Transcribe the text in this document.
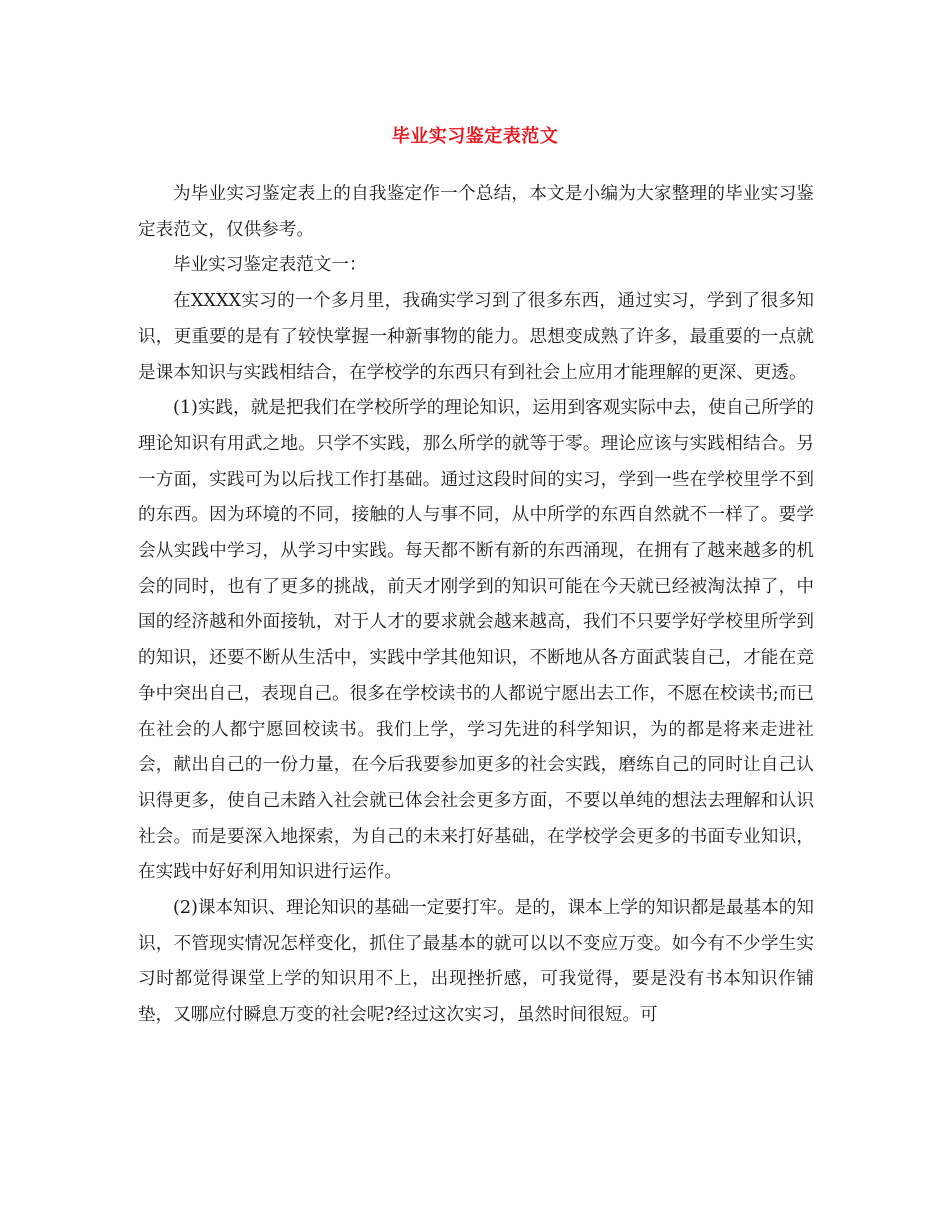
毕业实习鉴定表范文

为毕业实习鉴定表上的自我鉴定作一个总结，本文是小编为大家整理的毕业实习鉴定表范文，仅供参考。

毕业实习鉴定表范文一：

在XXXX实习的一个多月里，我确实学习到了很多东西，通过实习，学到了很多知识，更重要的是有了较快掌握一种新事物的能力。思想变成熟了许多，最重要的一点就是课本知识与实践相结合，在学校学的东西只有到社会上应用才能理解的更深、更透。

(1)实践，就是把我们在学校所学的理论知识，运用到客观实际中去，使自己所学的理论知识有用武之地。只学不实践，那么所学的就等于零。理论应该与实践相结合。另一方面，实践可为以后找工作打基础。通过这段时间的实习，学到一些在学校里学不到的东西。因为环境的不同，接触的人与事不同，从中所学的东西自然就不一样了。要学会从实践中学习，从学习中实践。每天都不断有新的东西涌现，在拥有了越来越多的机会的同时，也有了更多的挑战，前天才刚学到的知识可能在今天就已经被淘汰掉了，中国的经济越和外面接轨，对于人才的要求就会越来越高，我们不只要学好学校里所学到的知识，还要不断从生活中，实践中学其他知识，不断地从各方面武装自己，才能在竞争中突出自己，表现自己。很多在学校读书的人都说宁愿出去工作，不愿在校读书;而已在社会的人都宁愿回校读书。我们上学，学习先进的科学知识，为的都是将来走进社会，献出自己的一份力量，在今后我要参加更多的社会实践，磨练自己的同时让自己认识得更多，使自己未踏入社会就已体会社会更多方面，不要以单纯的想法去理解和认识社会。而是要深入地探索，为自己的未来打好基础，在学校学会更多的书面专业知识，在实践中好好利用知识进行运作。

(2)课本知识、理论知识的基础一定要打牢。是的，课本上学的知识都是最基本的知识，不管现实情况怎样变化，抓住了最基本的就可以以不变应万变。如今有不少学生实习时都觉得课堂上学的知识用不上，出现挫折感，可我觉得，要是没有书本知识作铺垫，又哪应付瞬息万变的社会呢?经过这次实习，虽然时间很短。可
